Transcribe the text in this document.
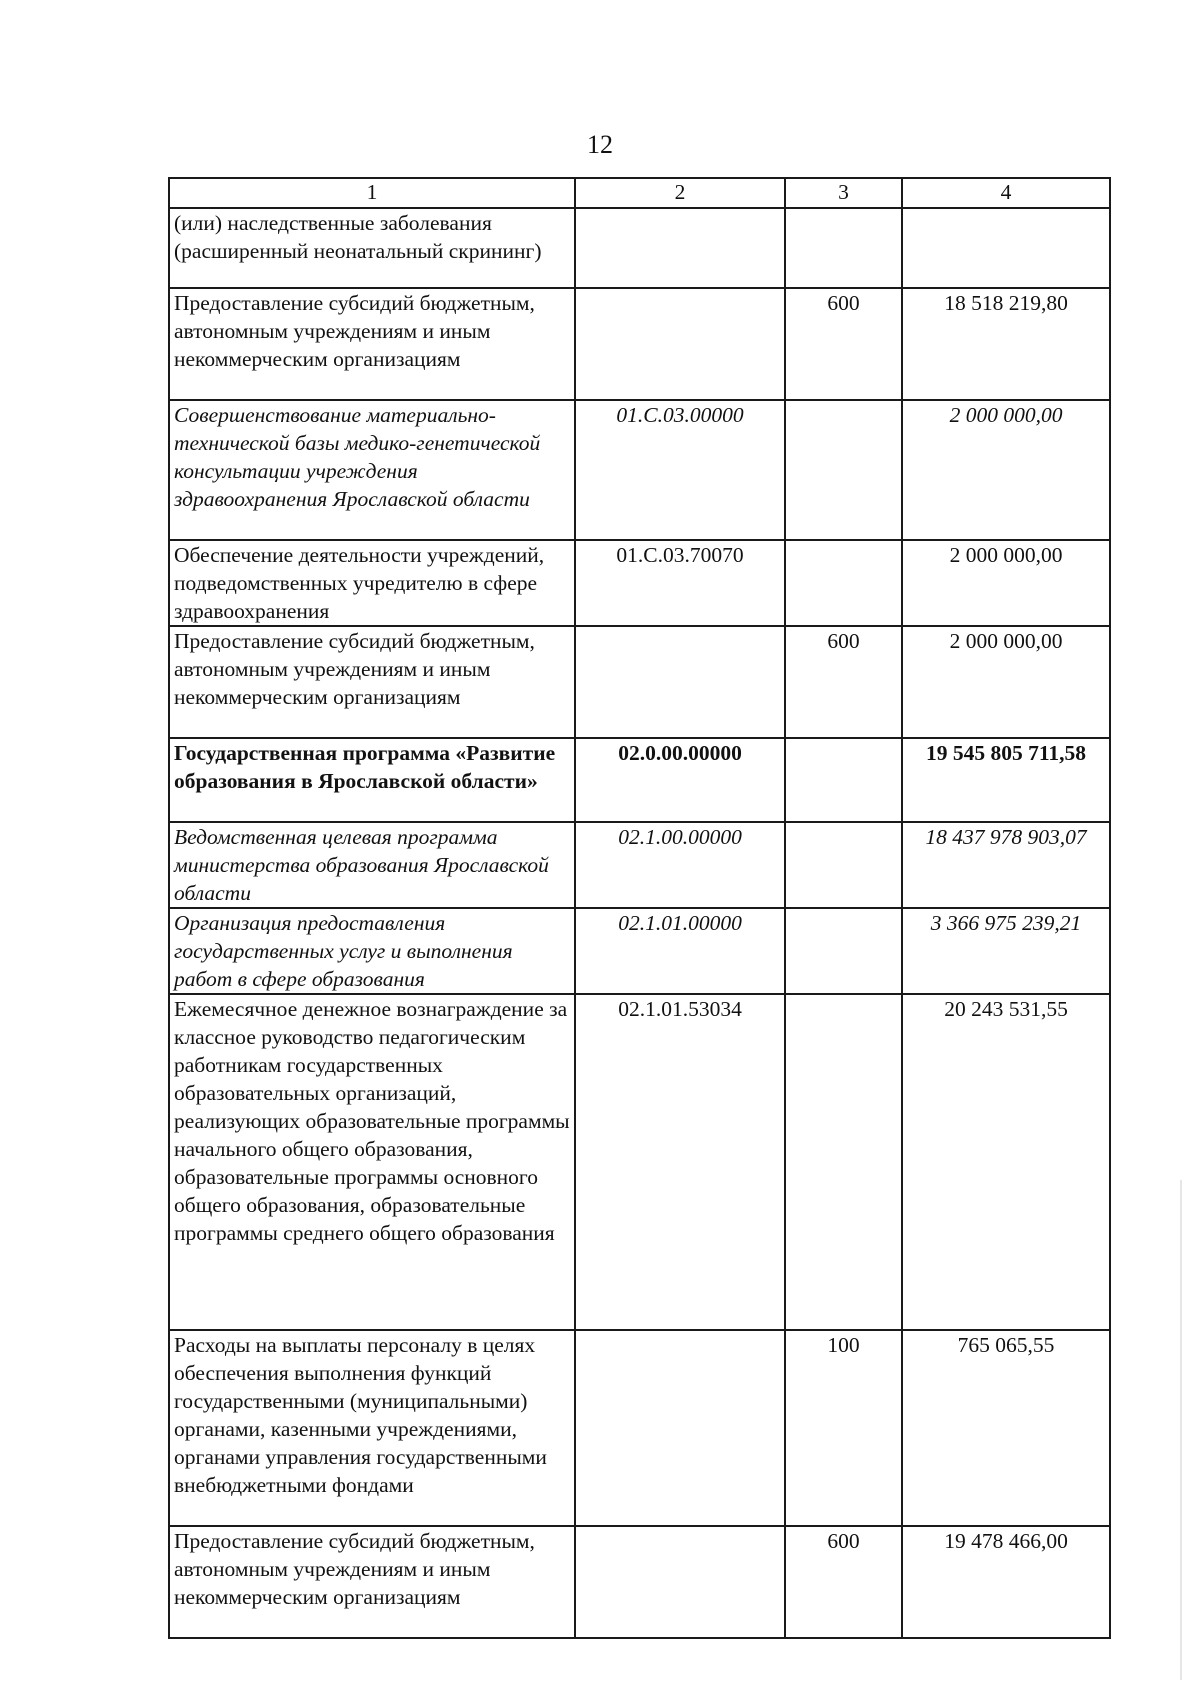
12
1	2	3	4
(или) наследственные заболевания (расширенный неонатальный скрининг)			
Предоставление субсидий бюджетным, автономным учреждениям и иным некоммерческим организациям		600	18 518 219,80
Совершенствование материально-технической базы медико-генетической консультации учреждения здравоохранения Ярославской области	01.С.03.00000		2 000 000,00
Обеспечение деятельности учреждений, подведомственных учредителю в сфере здравоохранения	01.С.03.70070		2 000 000,00
Предоставление субсидий бюджетным, автономным учреждениям и иным некоммерческим организациям		600	2 000 000,00
Государственная программа «Развитие образования в Ярославской области»	02.0.00.00000		19 545 805 711,58
Ведомственная целевая программа министерства образования Ярославской области	02.1.00.00000		18 437 978 903,07
Организация предоставления государственных услуг и выполнения работ в сфере образования	02.1.01.00000		3 366 975 239,21
Ежемесячное денежное вознаграждение за классное руководство педагогическим работникам государственных образовательных организаций, реализующих образовательные программы начального общего образования, образовательные программы основного общего образования, образовательные программы среднего общего образования	02.1.01.53034		20 243 531,55
Расходы на выплаты персоналу в целях обеспечения выполнения функций государственными (муниципальными) органами, казенными учреждениями, органами управления государственными внебюджетными фондами		100	765 065,55
Предоставление субсидий бюджетным, автономным учреждениям и иным некоммерческим организациям		600	19 478 466,00
